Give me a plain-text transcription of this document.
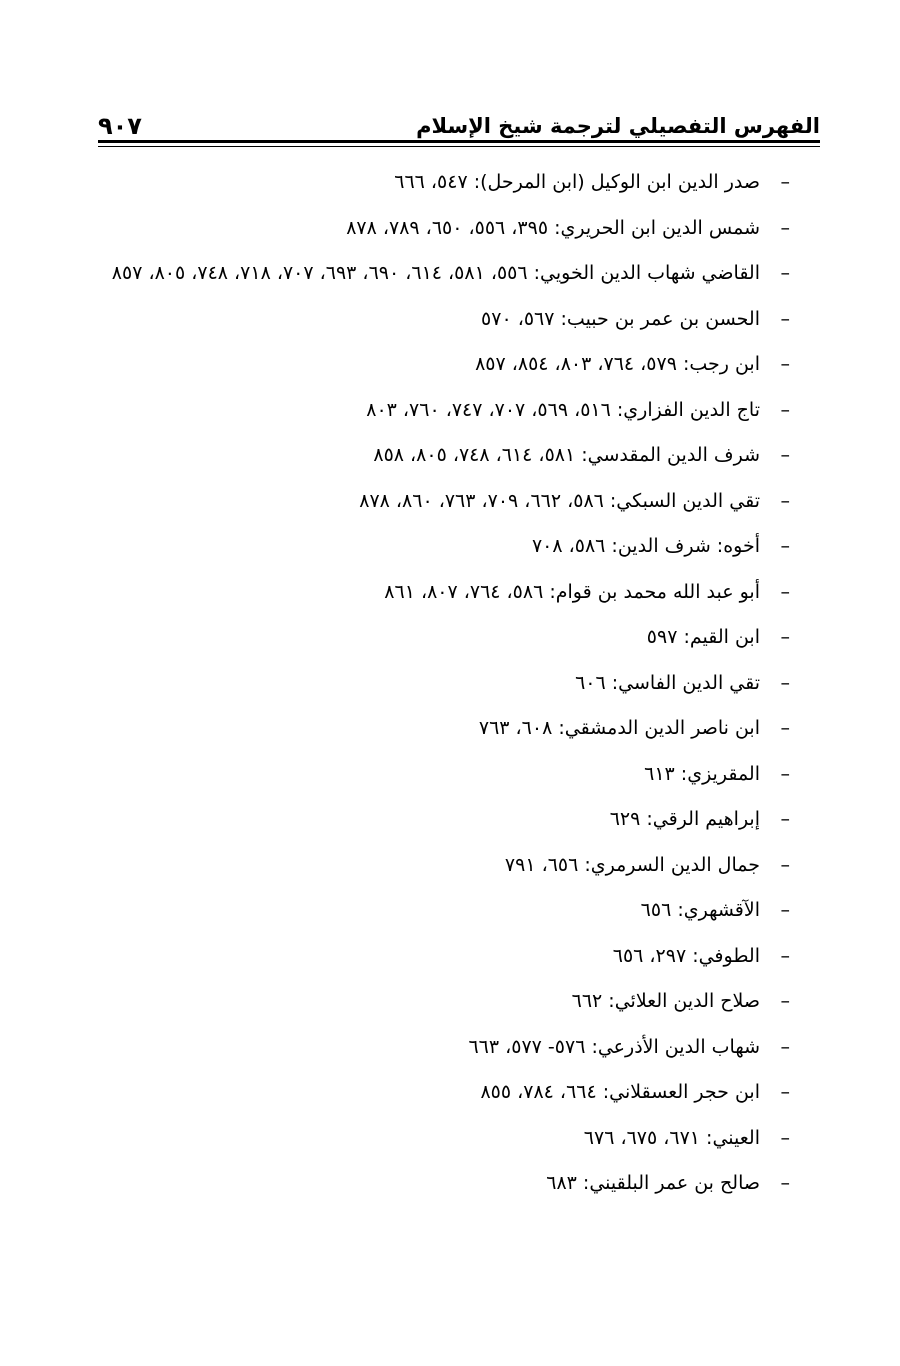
الفهرس التفصيلي لترجمة شيخ الإسلام
٩٠٧
–
صدر الدين ابن الوكيل (ابن المرحل): ٥٤٧، ٦٦٦
–
شمس الدين ابن الحريري: ٣٩٥، ٥٥٦، ٦٥٠، ٧٨٩، ٨٧٨
–
القاضي شهاب الدين الخويي: ٥٥٦، ٥٨١، ٦١٤، ٦٩٠، ٦٩٣، ٧٠٧، ٧١٨، ٧٤٨، ٨٠٥، ٨٥٧
–
الحسن بن عمر بن حبيب: ٥٦٧، ٥٧٠
–
ابن رجب: ٥٧٩، ٧٦٤، ٨٠٣، ٨٥٤، ٨٥٧
–
تاج الدين الفزاري: ٥١٦، ٥٦٩، ٧٠٧، ٧٤٧، ٧٦٠، ٨٠٣
–
شرف الدين المقدسي: ٥٨١، ٦١٤، ٧٤٨، ٨٠٥، ٨٥٨
–
تقي الدين السبكي: ٥٨٦، ٦٦٢، ٧٠٩، ٧٦٣، ٨٦٠، ٨٧٨
–
أخوه: شرف الدين: ٥٨٦، ٧٠٨
–
أبو عبد الله محمد بن قوام: ٥٨٦، ٧٦٤، ٨٠٧، ٨٦١
–
ابن القيم: ٥٩٧
–
تقي الدين الفاسي: ٦٠٦
–
ابن ناصر الدين الدمشقي: ٦٠٨، ٧٦٣
–
المقريزي: ٦١٣
–
إبراهيم الرقي: ٦٢٩
–
جمال الدين السرمري: ٦٥٦، ٧٩١
–
الآقشهري: ٦٥٦
–
الطوفي: ٢٩٧، ٦٥٦
–
صلاح الدين العلائي: ٦٦٢
–
شهاب الدين الأذرعي: ٥٧٦- ٥٧٧، ٦٦٣
–
ابن حجر العسقلاني: ٦٦٤، ٧٨٤، ٨٥٥
–
العيني: ٦٧١، ٦٧٥، ٦٧٦
–
صالح بن عمر البلقيني: ٦٨٣
